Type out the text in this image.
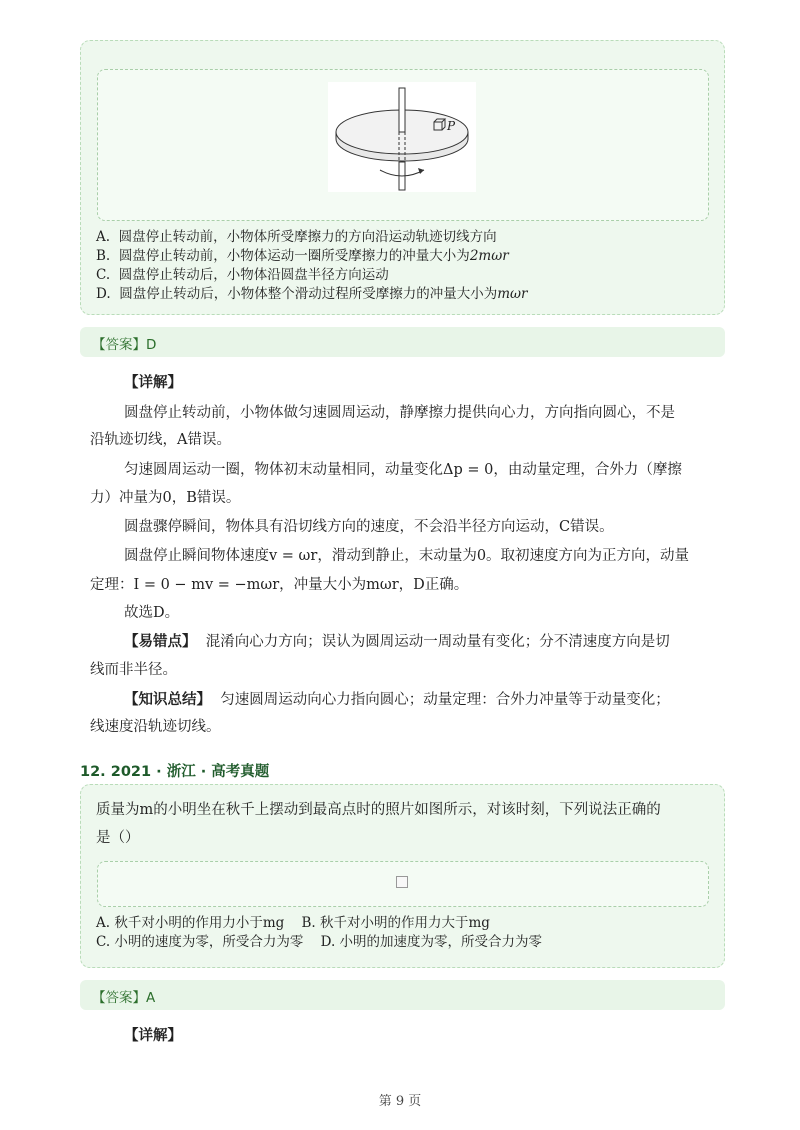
P
A. 圆盘停止转动前，小物体所受摩擦力的方向沿运动轨迹切线方向
B. 圆盘停止转动前，小物体运动一圈所受摩擦力的冲量大小为2mωr
C. 圆盘停止转动后，小物体沿圆盘半径方向运动
D. 圆盘停止转动后，小物体整个滑动过程所受摩擦力的冲量大小为mωr
【答案】D
【详解】
圆盘停止转动前，小物体做匀速圆周运动，静摩擦力提供向心力，方向指向圆心，不是
沿轨迹切线，A错误。
匀速圆周运动一圈，物体初末动量相同，动量变化Δp = 0，由动量定理，合外力（摩擦
力）冲量为0，B错误。
圆盘骤停瞬间，物体具有沿切线方向的速度，不会沿半径方向运动，C错误。
圆盘停止瞬间物体速度v = ωr，滑动到静止，末动量为0。取初速度方向为正方向，动量
定理：I = 0 − mv = −mωr，冲量大小为mωr，D正确。
故选D。
【易错点】 混淆向心力方向；误认为圆周运动一周动量有变化；分不清速度方向是切
线而非半径。
【知识总结】 匀速圆周运动向心力指向圆心；动量定理：合外力冲量等于动量变化；
线速度沿轨迹切线。
12. 2021 · 浙江 · 高考真题
质量为m的小明坐在秋千上摆动到最高点时的照片如图所示，对该时刻，下列说法正确的
是（）
A. 秋千对小明的作用力小于mg B. 秋千对小明的作用力大于mg
C. 小明的速度为零，所受合力为零 D. 小明的加速度为零，所受合力为零
【答案】A
【详解】
第 9 页
